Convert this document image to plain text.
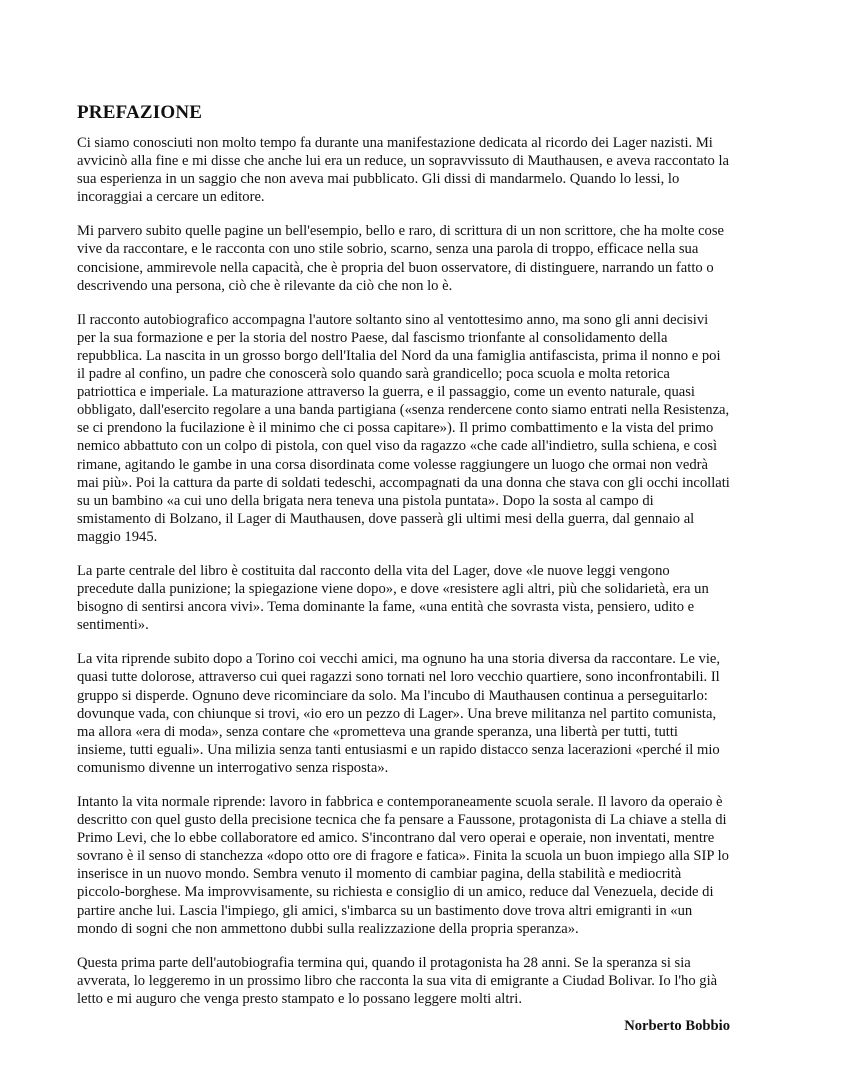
PREFAZIONE

Ci siamo conosciuti non molto tempo fa durante una manifestazione dedicata al ricordo dei Lager nazisti. Mi avvicinò alla fine e mi disse che anche lui era un reduce, un sopravvissuto di Mauthausen, e aveva raccontato la sua esperienza in un saggio che non aveva mai pubblicato. Gli dissi di mandarmelo. Quando lo lessi, lo incoraggiai a cercare un editore.

Mi parvero subito quelle pagine un bell'esempio, bello e raro, di scrittura di un non scrittore, che ha molte cose vive da raccontare, e le racconta con uno stile sobrio, scarno, senza una parola di troppo, efficace nella sua concisione, ammirevole nella capacità, che è propria del buon osservatore, di distinguere, narrando un fatto o descrivendo una persona, ciò che è rilevante da ciò che non lo è.

Il racconto autobiografico accompagna l'autore soltanto sino al ventottesimo anno, ma sono gli anni decisivi per la sua formazione e per la storia del nostro Paese, dal fascismo trionfante al consolidamento della repubblica. La nascita in un grosso borgo dell'Italia del Nord da una famiglia antifascista, prima il nonno e poi il padre al confino, un padre che conoscerà solo quando sarà grandicello; poca scuola e molta retorica patriottica e imperiale. La maturazione attraverso la guerra, e il passaggio, come un evento naturale, quasi obbligato, dall'esercito regolare a una banda partigiana («senza rendercene conto siamo entrati nella Resistenza, se ci prendono la fucilazione è il minimo che ci possa capitare»). Il primo combattimento e la vista del primo nemico abbattuto con un colpo di pistola, con quel viso da ragazzo «che cade all'indietro, sulla schiena, e così rimane, agitando le gambe in una corsa disordinata come volesse raggiungere un luogo che ormai non vedrà mai più». Poi la cattura da parte di soldati tedeschi, accompagnati da una donna che stava con gli occhi incollati su un bambino «a cui uno della brigata nera teneva una pistola puntata». Dopo la sosta al campo di smistamento di Bolzano, il Lager di Mauthausen, dove passerà gli ultimi mesi della guerra, dal gennaio al maggio 1945.

La parte centrale del libro è costituita dal racconto della vita del Lager, dove «le nuove leggi vengono precedute dalla punizione; la spiegazione viene dopo», e dove «resistere agli altri, più che solidarietà, era un bisogno di sentirsi ancora vivi». Tema dominante la fame, «una entità che sovrasta vista, pensiero, udito e sentimenti».

La vita riprende subito dopo a Torino coi vecchi amici, ma ognuno ha una storia diversa da raccontare. Le vie, quasi tutte dolorose, attraverso cui quei ragazzi sono tornati nel loro vecchio quartiere, sono inconfrontabili. Il gruppo si disperde. Ognuno deve ricominciare da solo. Ma l'incubo di Mauthausen continua a perseguitarlo: dovunque vada, con chiunque si trovi, «io ero un pezzo di Lager». Una breve militanza nel partito comunista, ma allora «era di moda», senza contare che «prometteva una grande speranza, una libertà per tutti, tutti insieme, tutti eguali». Una milizia senza tanti entusiasmi e un rapido distacco senza lacerazioni «perché il mio comunismo divenne un interrogativo senza risposta».

Intanto la vita normale riprende: lavoro in fabbrica e contemporaneamente scuola serale. Il lavoro da operaio è descritto con quel gusto della precisione tecnica che fa pensare a Faussone, protagonista di La chiave a stella di Primo Levi, che lo ebbe collaboratore ed amico. S'incontrano dal vero operai e operaie, non inventati, mentre sovrano è il senso di stanchezza «dopo otto ore di fragore e fatica». Finita la scuola un buon impiego alla SIP lo inserisce in un nuovo mondo. Sembra venuto il momento di cambiar pagina, della stabilità e mediocrità piccolo-borghese. Ma improvvisamente, su richiesta e consiglio di un amico, reduce dal Venezuela, decide di partire anche lui. Lascia l'impiego, gli amici, s'imbarca su un bastimento dove trova altri emigranti in «un mondo di sogni che non ammettono dubbi sulla realizzazione della propria speranza».

Questa prima parte dell'autobiografia termina qui, quando il protagonista ha 28 anni. Se la speranza si sia avverata, lo leggeremo in un prossimo libro che racconta la sua vita di emigrante a Ciudad Bolivar. Io l'ho già letto e mi auguro che venga presto stampato e lo possano leggere molti altri.

Norberto Bobbio
